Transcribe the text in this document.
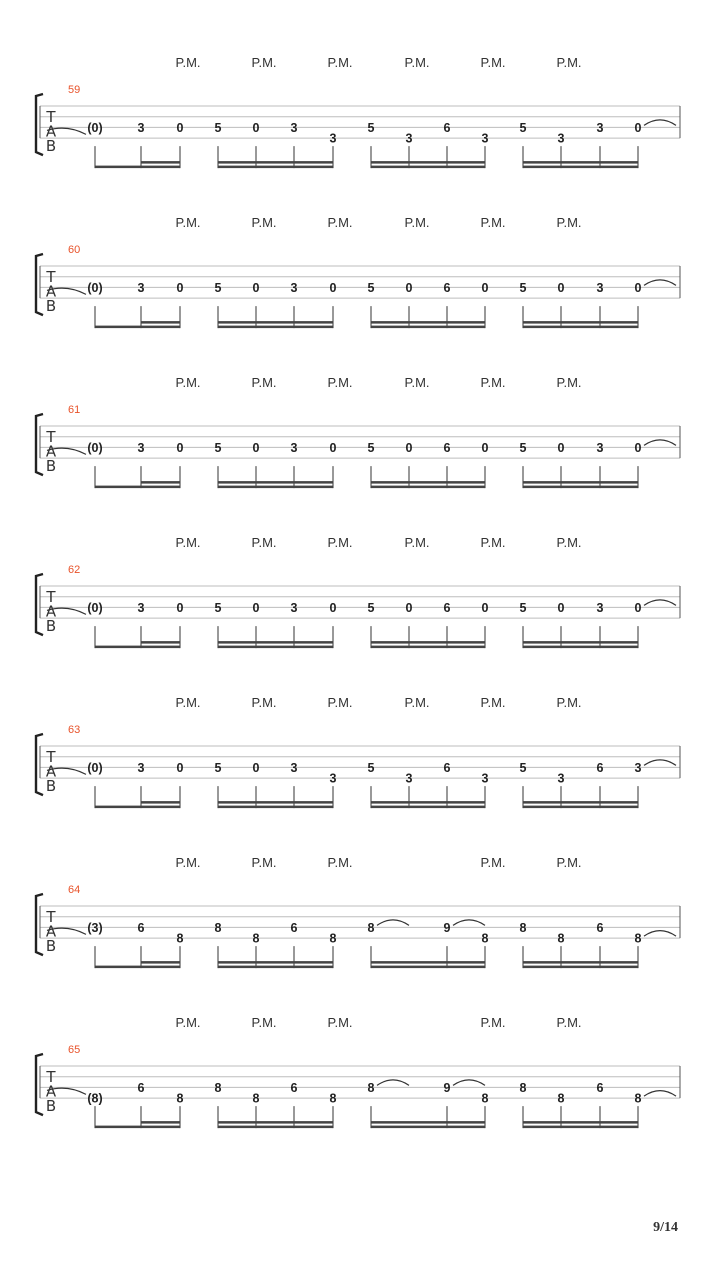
P.M.	P.M.	P.M.	P.M.	P.M.	P.M.
59
T
A
B
(0)	3	0 5 0 3
3
5
3
6
3
5
3
3 0
P.M.	P.M.	P.M.	P.M.	P.M.	P.M.
60
T
A
B
(0)	3	0 5 0 3	0 5 0 6 0 5 0	3 0
P.M.	P.M.	P.M.	P.M.	P.M.	P.M.
61
T
A
B
(0)	3	0 5 0 3	0 5 0 6 0 5 0	3 0
P.M.	P.M.	P.M.	P.M.	P.M.	P.M.
62
T
A
B
(0)	3	0 5 0 3	0 5 0 6 0 5 0	3 0
P.M.	P.M.	P.M.	P.M.	P.M.	P.M.
63
T
A
B
(0)	3	0 5 0 3
3
5
3
6
3
5
3
6 3
P.M.	P.M.	P.M.	P.M.	P.M.
64
T
A
B
(3)	6
8
8
8
6
8
8	9
8
8
8
6
8
P.M.	P.M.	P.M.	P.M.	P.M.
65
T
A
B (8)
6
8
8
8
6
8
8	9
8
8
8
6
8
9/14
